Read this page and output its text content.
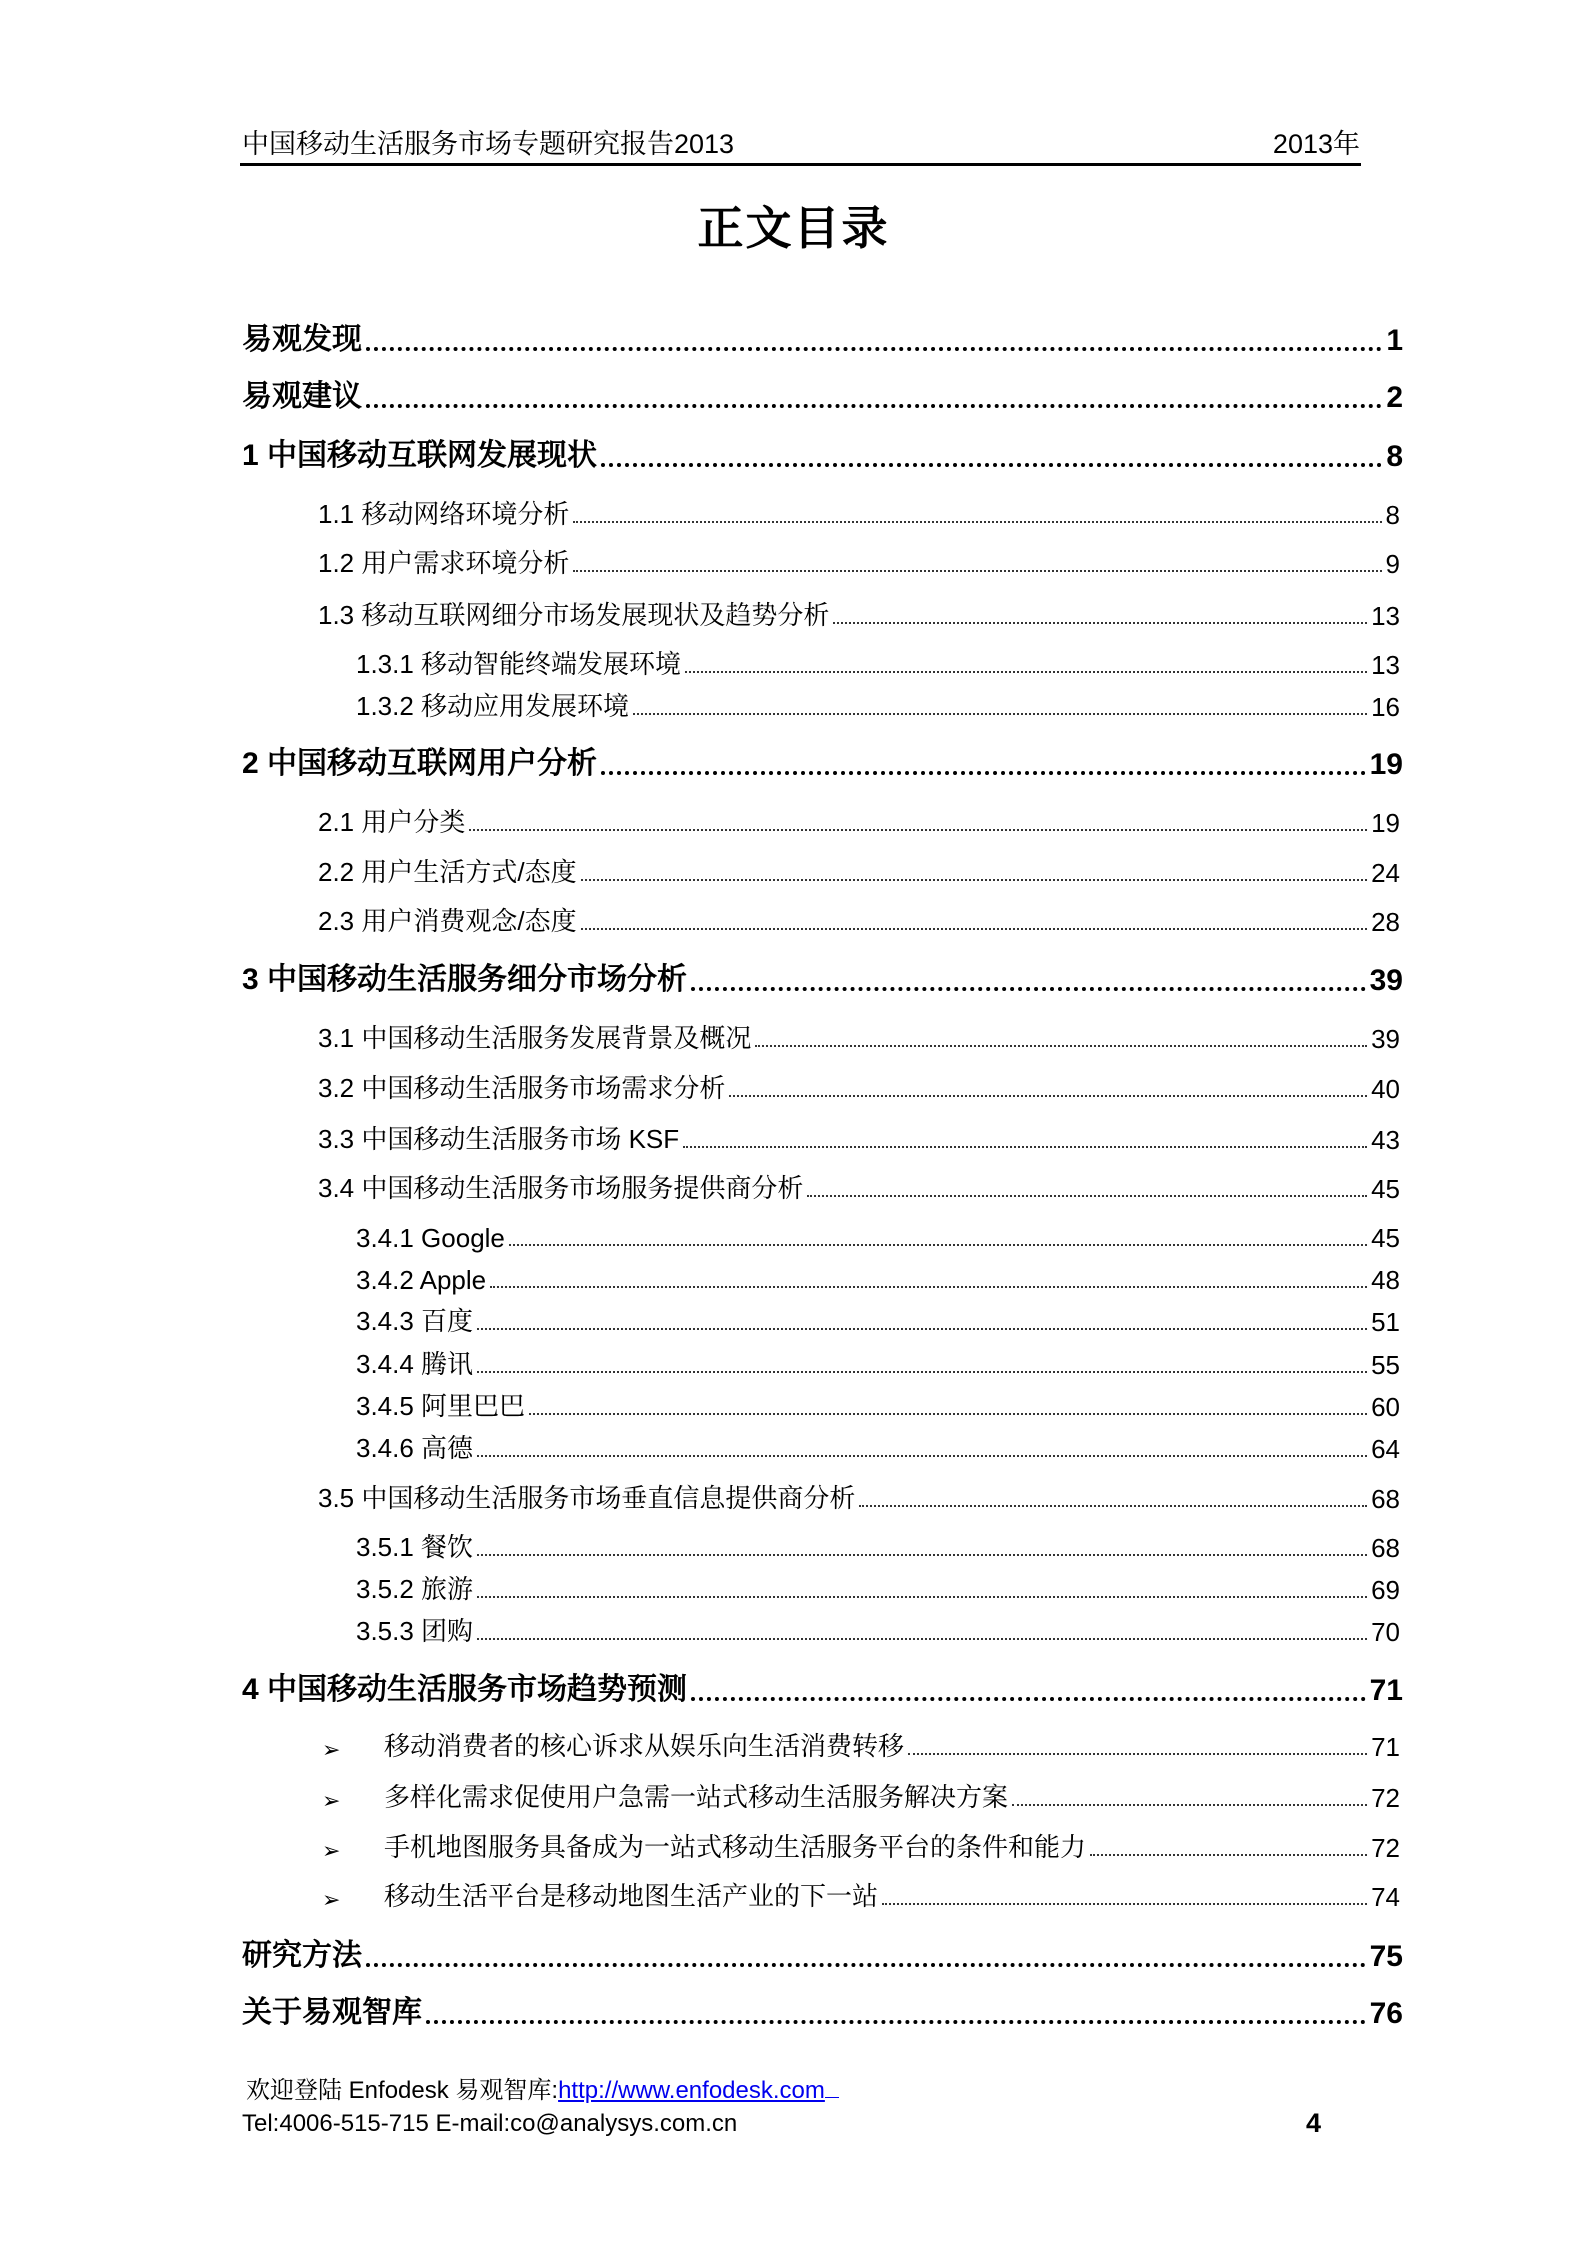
中国移动生活服务市场专题研究报告2013	2013年
正文目录
易观发现	1
易观建议	2
1 中国移动互联网发展现状	8
1.1 移动网络环境分析	8
1.2 用户需求环境分析	9
1.3 移动互联网细分市场发展现状及趋势分析	13
1.3.1 移动智能终端发展环境	13
1.3.2 移动应用发展环境	16
2 中国移动互联网用户分析	19
2.1 用户分类	19
2.2 用户生活方式/态度	24
2.3 用户消费观念/态度	28
3 中国移动生活服务细分市场分析	39
3.1 中国移动生活服务发展背景及概况	39
3.2 中国移动生活服务市场需求分析	40
3.3 中国移动生活服务市场 KSF	43
3.4 中国移动生活服务市场服务提供商分析	45
3.4.1 Google	45
3.4.2 Apple	48
3.4.3 百度	51
3.4.4 腾讯	55
3.4.5 阿里巴巴	60
3.4.6 高德	64
3.5 中国移动生活服务市场垂直信息提供商分析	68
3.5.1 餐饮	68
3.5.2 旅游	69
3.5.3 团购	70
4 中国移动生活服务市场趋势预测	71
➢	移动消费者的核心诉求从娱乐向生活消费转移	71
➢	多样化需求促使用户急需一站式移动生活服务解决方案	72
➢	手机地图服务具备成为一站式移动生活服务平台的条件和能力	72
➢	移动生活平台是移动地图生活产业的下一站	74
研究方法	75
关于易观智库	76
欢迎登陆 Enfodesk 易观智库:http://www.enfodesk.com
Tel:4006-515-715 E-mail:co@analysys.com.cn	4
